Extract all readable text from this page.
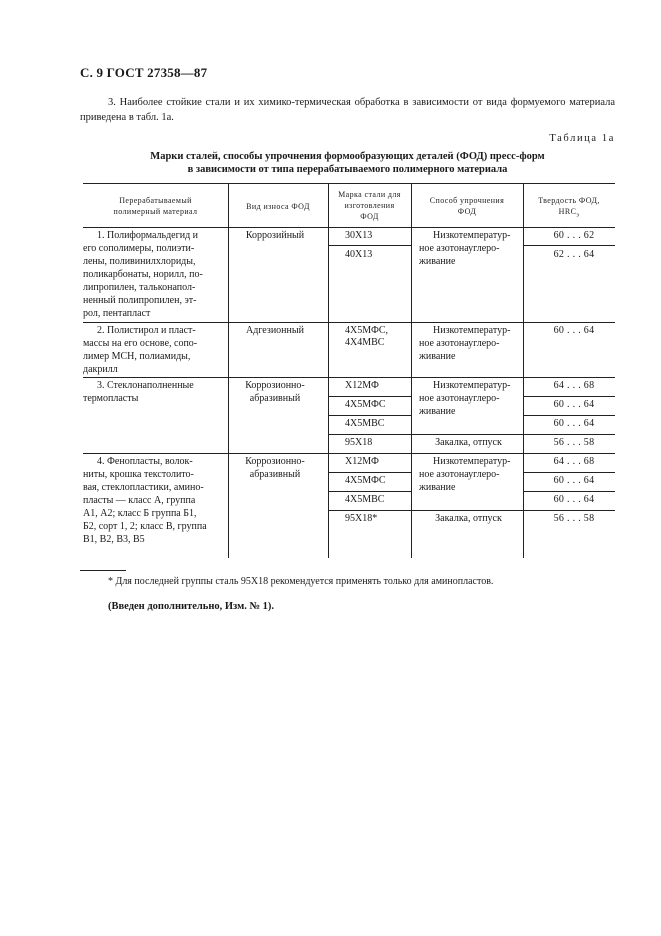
С. 9 ГОСТ 27358—87
3. Наиболее стойкие стали и их химико-термическая обработка в зависимости от вида формуемого материала приведена в табл. 1а.
Таблица 1а
Марки сталей, способы упрочнения формообразующих деталей (ФОД) пресс-форм
в зависимости от типа перерабатываемого полимерного материала
Перерабатываемый
полимерный материал
Вид износа ФОД
Марка стали для
изготовления
ФОД
Способ упрочнения
ФОД
Твердость ФОД,
$HRC_э$
1. Полиформальдегид и
его сополимеры, полиэти-
лены, поливинилхлориды,
поликарбонаты, норилл, по-
липропилен, тальконапол-
ненный полипропилен, эт-
рол, пентапласт
Коррозийный	30Х13
40Х13
Низкотемператур-
ное азотонауглеро-
живание
60 . . . 62
62 . . . 64
2. Полистирол и пласт-
массы на его основе, сопо-
лимер МСН, полиамиды,
дакрилл
Адгезионный	4Х5МФС,
4Х4МВС
Низкотемператур-
ное азотонауглеро-
живание
60 . . . 64
3. Стеклонаполненные
термопласты
Коррозионно-
абразивный
Х12МФ
4Х5МФС
4Х5МВС
95Х18
Низкотемператур-
ное азотонауглеро-
живание
Закалка, отпуск
64 . . . 68
60 . . . 64
60 . . . 64
56 . . . 58
4. Фенопласты, волок-
ниты, крошка текстолито-
вая, стеклопластики, амино-
пласты — класс А, группа
А1, А2; класс Б группа Б1,
Б2, сорт 1, 2; класс В, группа
В1, В2, В3, В5
Коррозионно-
абразивный
Х12МФ
4Х5МФС
4Х5МВС
95Х18*
Низкотемператур-
ное азотонауглеро-
живание
Закалка, отпуск
64 . . . 68
60 . . . 64
60 . . . 64
56 . . . 58
* Для последней группы сталь 95Х18 рекомендуется применять только для аминопластов.
(Введен дополнительно, Изм. № 1).
